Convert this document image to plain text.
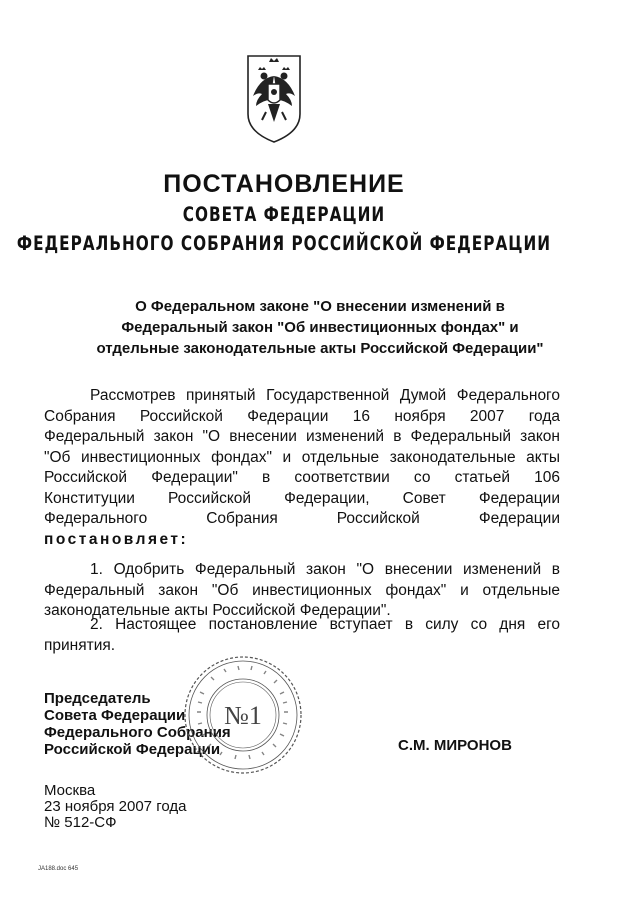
ПОСТАНОВЛЕНИЕ
СОВЕТА ФЕДЕРАЦИИ
ФЕДЕРАЛЬНОГО СОБРАНИЯ РОССИЙСКОЙ ФЕДЕРАЦИИ
О Федеральном законе "О внесении изменений в
Федеральный закон "Об инвестиционных фондах" и
отдельные законодательные акты Российской Федерации"
Рассмотрев принятый Государственной Думой Федерального
Собрания Российской Федерации 16 ноября 2007 года
Федеральный закон "О внесении изменений в Федеральный закон
"Об инвестиционных фондах" и отдельные законодательные акты
Российской Федерации" в соответствии со статьей 106
Конституции Российской Федерации, Совет Федерации
Федерального Собрания Российской Федерации
постановляет:
1. Одобрить Федеральный закон "О внесении изменений в
Федеральный закон "Об инвестиционных фондах" и отдельные
законодательные акты Российской Федерации".
2. Настоящее постановление вступает в силу со дня его
принятия.
Председатель
Совета Федерации
Федерального Собрания
Российской Федерации
№1
С.М. МИРОНОВ
Москва
23 ноября 2007 года
№ 512-СФ
JA188.doc 645
